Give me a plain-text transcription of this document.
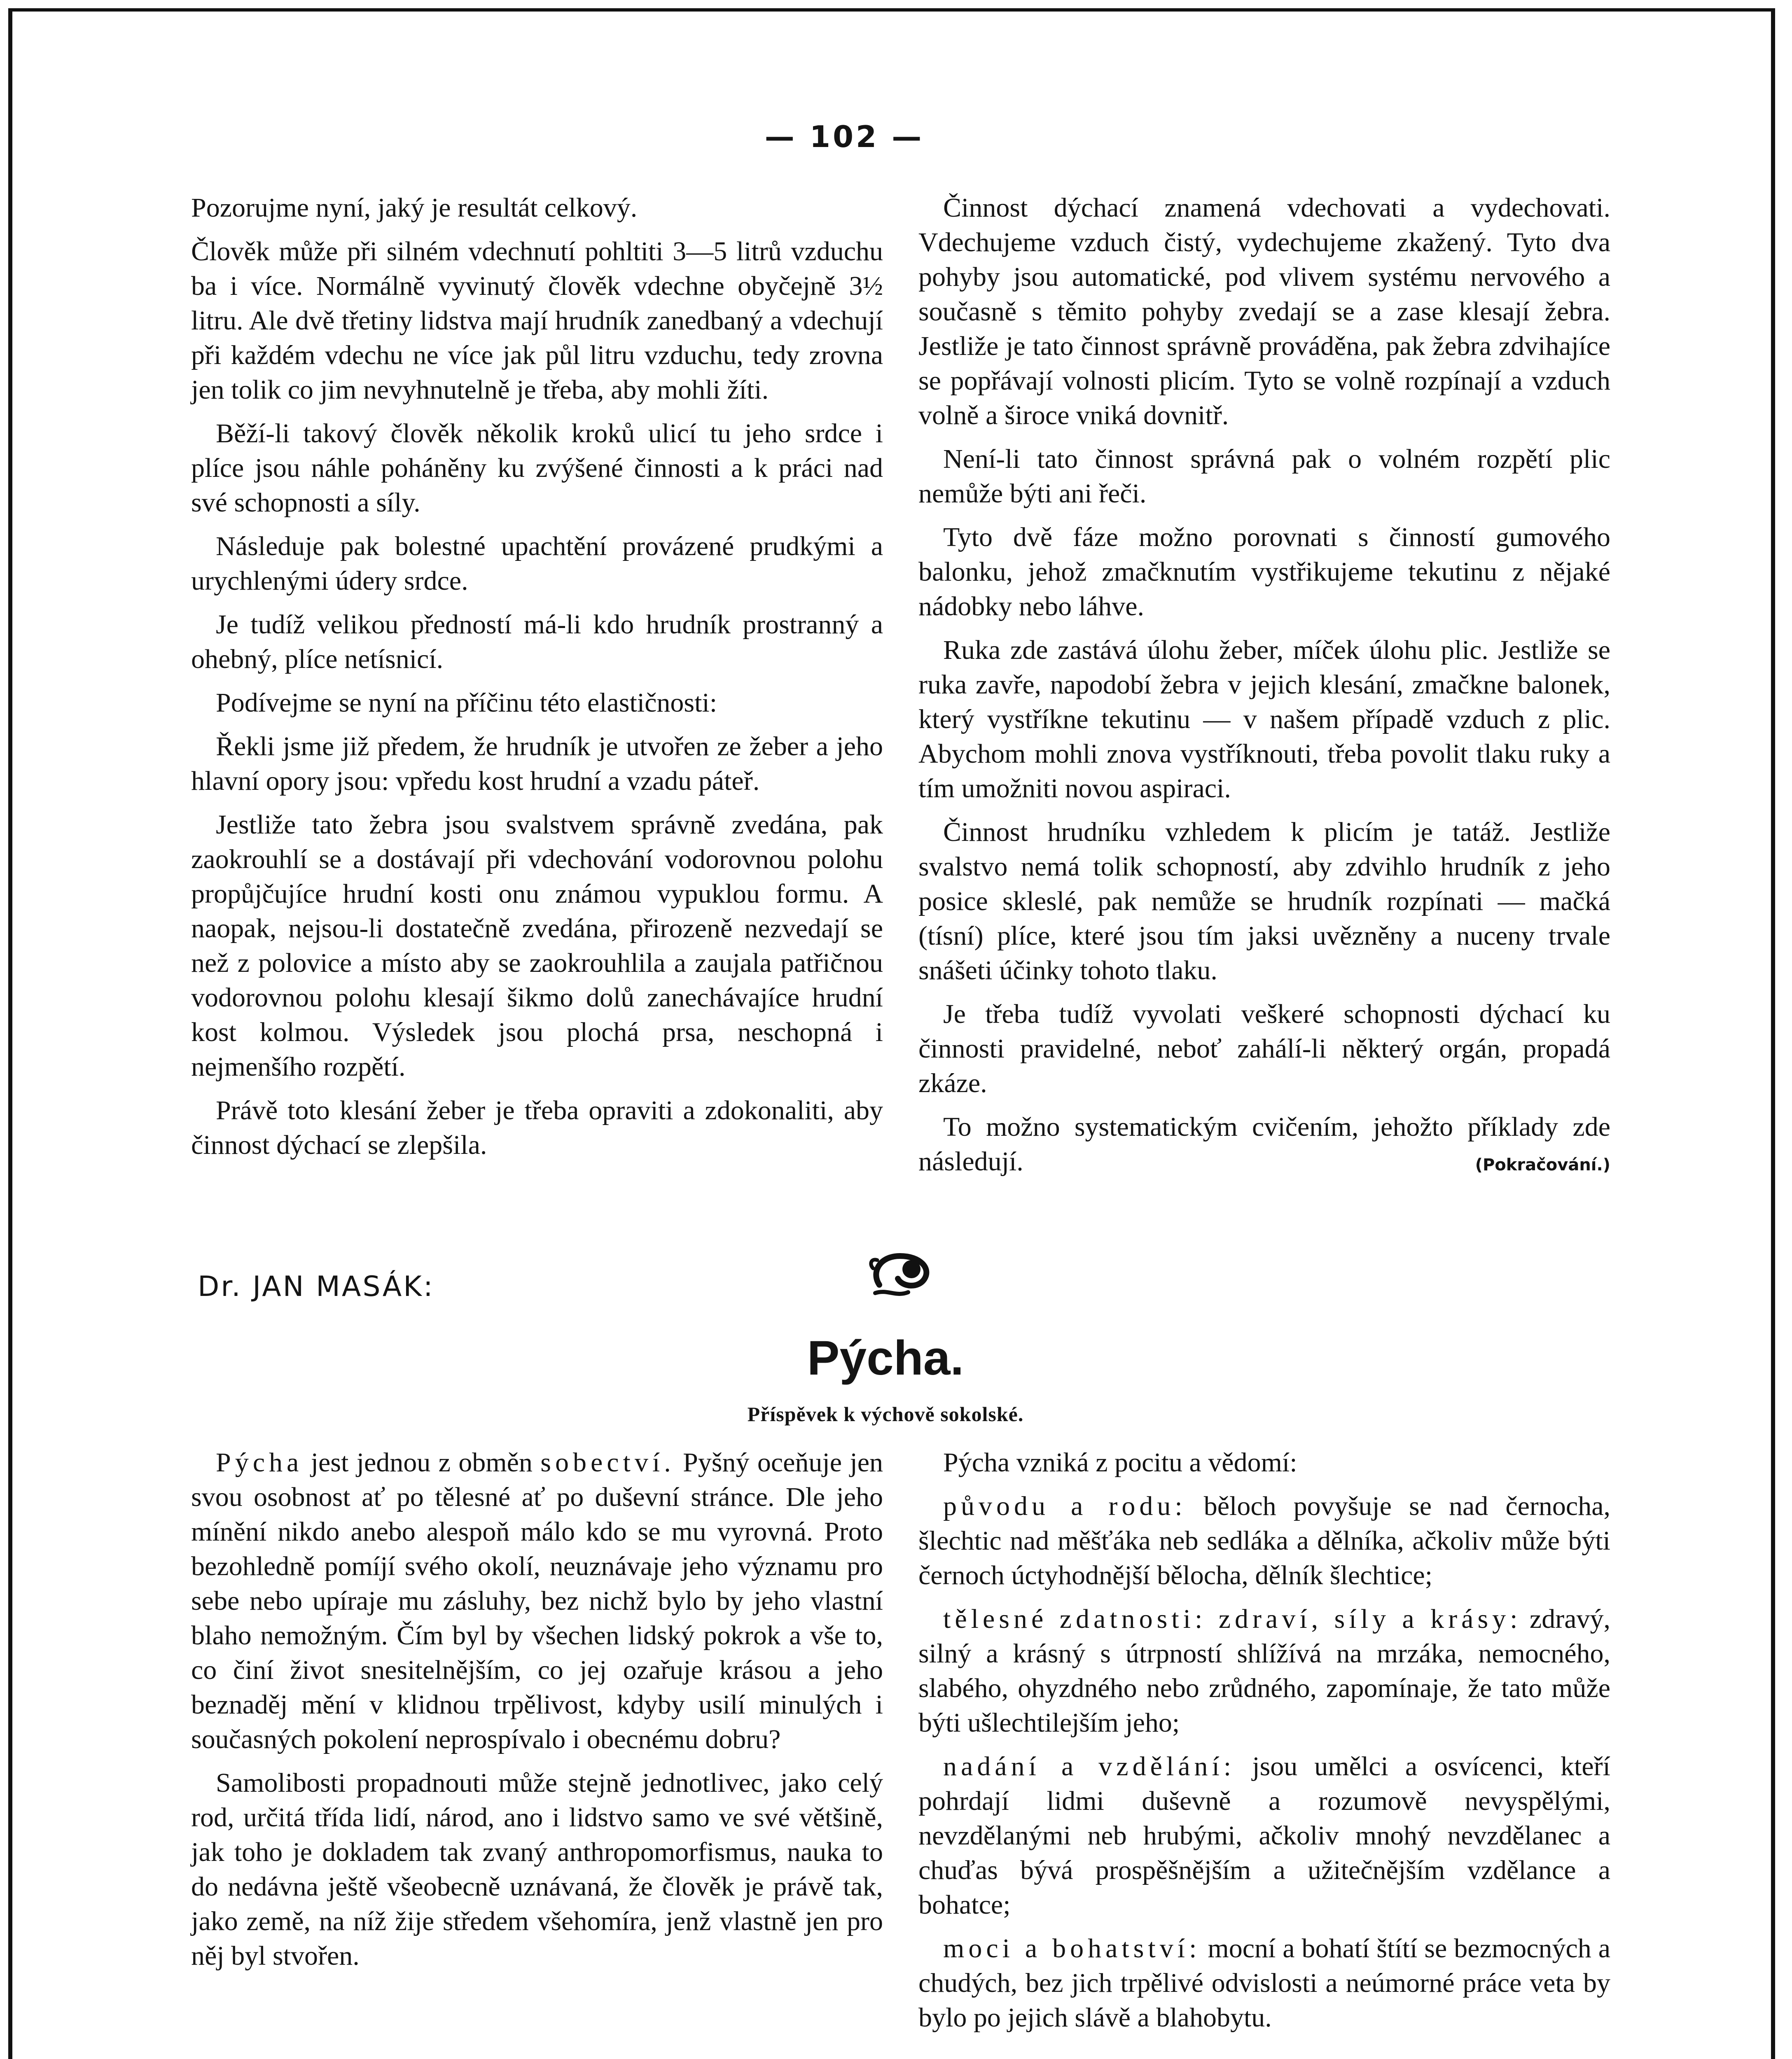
— 102 —

Pozorujme nyní, jaký je resultát celkový.

Člověk může při silném vdechnutí pohltiti 3—5 litrů vzduchu ba i více. Normálně vyvinutý člověk vdechne obyčejně 3½ litru. Ale dvě třetiny lidstva mají hrudník zanedbaný a vdechují při každém vdechu ne více jak půl litru vzduchu, tedy zrovna jen tolik co jim nevyhnutelně je třeba, aby mohli žíti.

Běží-li takový člověk několik kroků ulicí tu jeho srdce i plíce jsou náhle poháněny ku zvýšené činnosti a k práci nad své schopnosti a síly.

Následuje pak bolestné upachtění provázené prudkými a urychlenými údery srdce.

Je tudíž velikou předností má-li kdo hrudník prostranný a ohebný, plíce netísnicí.

Podívejme se nyní na příčinu této elastičnosti:

Řekli jsme již předem, že hrudník je utvořen ze žeber a jeho hlavní opory jsou: vpředu kost hrudní a vzadu páteř.

Jestliže tato žebra jsou svalstvem správně zvedána, pak zaokrouhlí se a dostávají při vdechování vodorovnou polohu propůjčujíce hrudní kosti onu známou vypuklou formu. A naopak, nejsou-li dostatečně zvedána, přirozeně nezvedají se než z polovice a místo aby se zaokrouhlila a zaujala patřičnou vodorovnou polohu klesají šikmo dolů zanechávajíce hrudní kost kolmou. Výsledek jsou plochá prsa, neschopná i nejmenšího rozpětí.

Právě toto klesání žeber je třeba opraviti a zdokonaliti, aby činnost dýchací se zlepšila.

Činnost dýchací znamená vdechovati a vydechovati. Vdechujeme vzduch čistý, vydechujeme zkažený. Tyto dva pohyby jsou automatické, pod vlivem systému nervového a současně s těmito pohyby zvedají se a zase klesají žebra. Jestliže je tato činnost správně prováděna, pak žebra zdvihajíce se popřávají volnosti plicím. Tyto se volně rozpínají a vzduch volně a široce vniká dovnitř.

Není-li tato činnost správná pak o volném rozpětí plic nemůže býti ani řeči.

Tyto dvě fáze možno porovnati s činností gumového balonku, jehož zmačknutím vystřikujeme tekutinu z nějaké nádobky nebo láhve.

Ruka zde zastává úlohu žeber, míček úlohu plic. Jestliže se ruka zavře, napodobí žebra v jejich klesání, zmačkne balonek, který vystříkne tekutinu — v našem případě vzduch z plic. Abychom mohli znova vystříknouti, třeba povolit tlaku ruky a tím umožniti novou aspiraci.

Činnost hrudníku vzhledem k plicím je tatáž. Jestliže svalstvo nemá tolik schopností, aby zdvihlo hrudník z jeho posice skleslé, pak nemůže se hrudník rozpínati — mačká (tísní) plíce, které jsou tím jaksi uvězněny a nuceny trvale snášeti účinky tohoto tlaku.

Je třeba tudíž vyvolati veškeré schopnosti dýchací ku činnosti pravidelné, neboť zahálí-li některý orgán, propadá zkáze.

To možno systematickým cvičením, jehožto příklady zde následují.	(Pokračování.)

Dr. JAN MASÁK:
Pýcha.
Příspěvek k výchově sokolské.

Pýcha jest jednou z obměn sobectví. Pyšný oceňuje jen svou osobnost ať po tělesné ať po duševní stránce. Dle jeho mínění nikdo anebo alespoň málo kdo se mu vyrovná. Proto bezohledně pomíjí svého okolí, neuznávaje jeho významu pro sebe nebo upíraje mu zásluhy, bez nichž bylo by jeho vlastní blaho nemožným. Čím byl by všechen lidský pokrok a vše to, co činí život snesitelnějším, co jej ozařuje krásou a jeho beznaděj mění v klidnou trpělivost, kdyby usilí minulých i současných pokolení neprospívalo i obecnému dobru?

Samolibosti propadnouti může stejně jednotlivec, jako celý rod, určitá třída lidí, národ, ano i lidstvo samo ve své většině, jak toho je dokladem tak zvaný anthropomorfismus, nauka to do nedávna ještě všeobecně uznávaná, že člověk je právě tak, jako země, na níž žije středem všehomíra, jenž vlastně jen pro něj byl stvořen.

Pýcha vzniká z pocitu a vědomí:

původu a rodu: běloch povyšuje se nad černocha, šlechtic nad měšťáka neb sedláka a dělníka, ačkoliv může býti černoch úctyhodnější bělocha, dělník šlechtice;

tělesné zdatnosti: zdraví, síly a krásy: zdravý, silný a krásný s útrpností shlížívá na mrzáka, nemocného, slabého, ohyzdného nebo zrůdného, zapomínaje, že tato může býti ušlechtilejším jeho;

nadání a vzdělání: jsou umělci a osvícenci, kteří pohrdají lidmi duševně a rozumově nevyspělými, nevzdělanými neb hrubými, ačkoliv mnohý nevzdělanec a chuďas bývá prospěšnějším a užitečnějším vzdělance a bohatce;

moci a bohatství: mocní a bohatí štítí se bezmocných a chudých, bez jich trpělivé odvislosti a neúmorné práce veta by bylo po jejich slávě a blahobytu.
